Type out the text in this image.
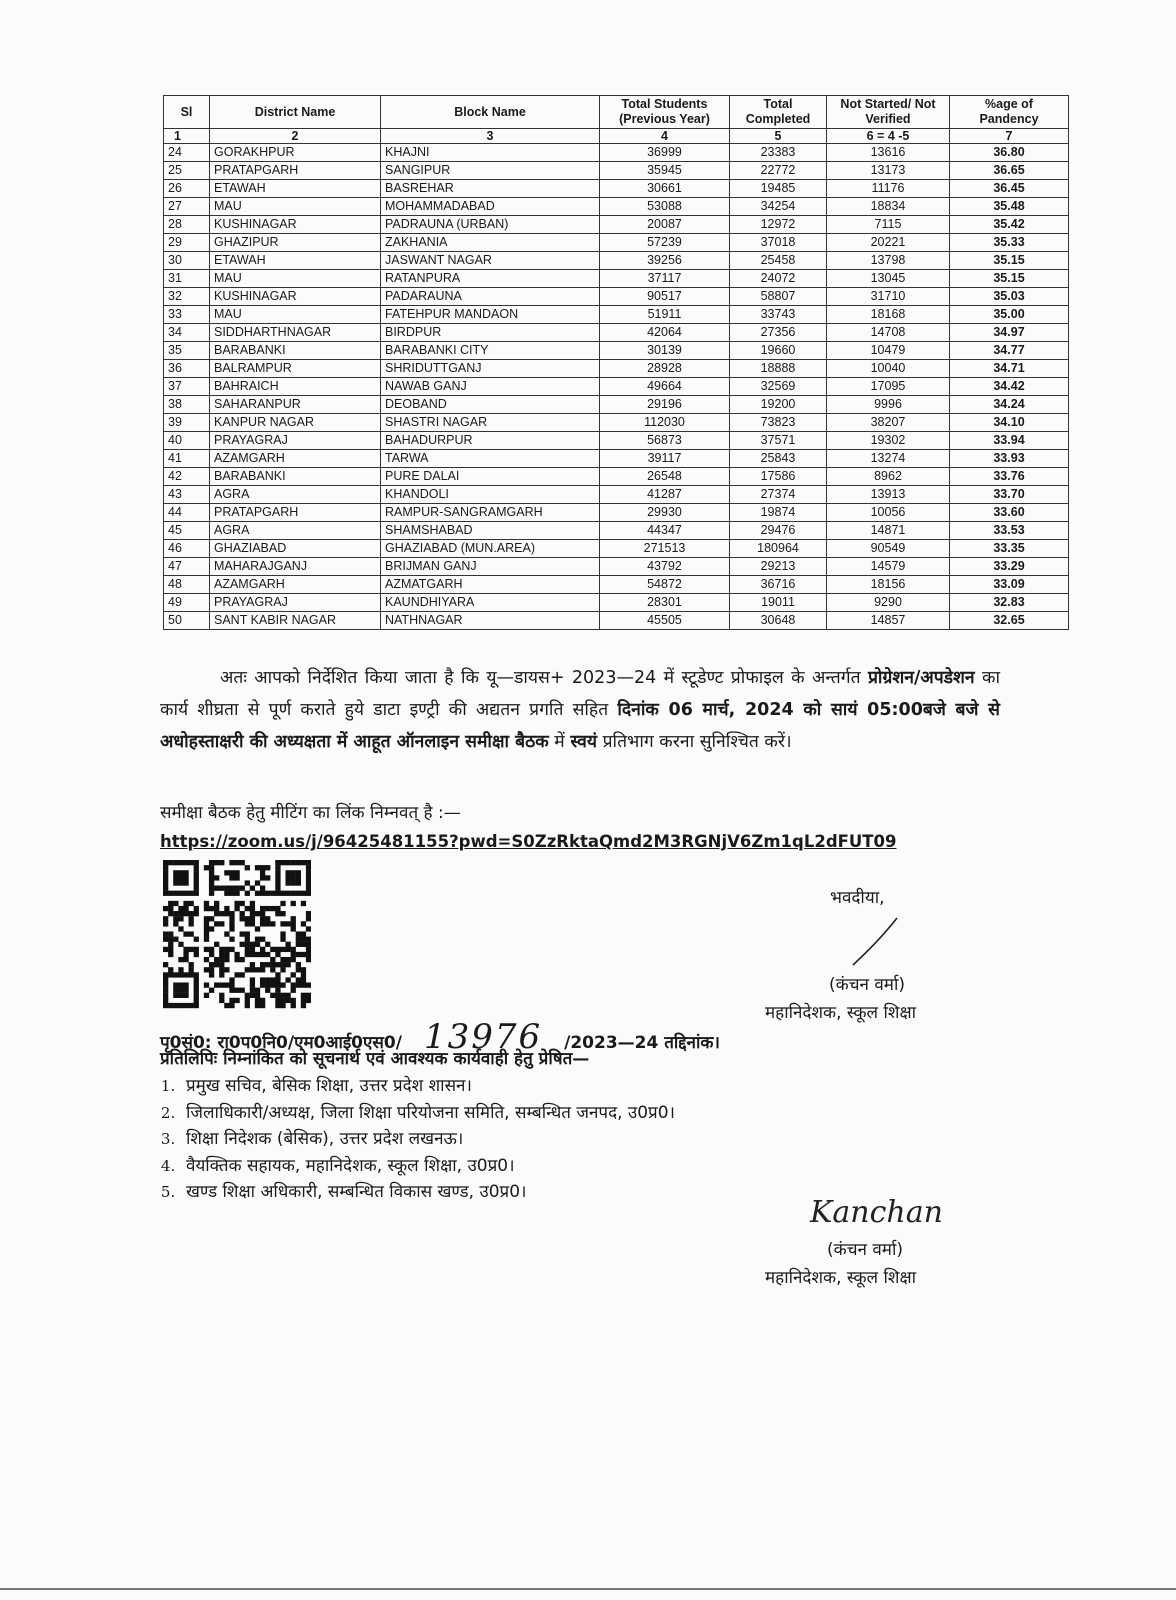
Sl	District Name	Block Name	Total Students (Previous Year)	Total Completed	Not Started/ Not Verified	%age of Pandency
1	2	3	4	5	6 = 4 -5	7
24	GORAKHPUR	KHAJNI	36999	23383	13616	36.80
25	PRATAPGARH	SANGIPUR	35945	22772	13173	36.65
26	ETAWAH	BASREHAR	30661	19485	11176	36.45
27	MAU	MOHAMMADABAD	53088	34254	18834	35.48
28	KUSHINAGAR	PADRAUNA (URBAN)	20087	12972	7115	35.42
29	GHAZIPUR	ZAKHANIA	57239	37018	20221	35.33
30	ETAWAH	JASWANT NAGAR	39256	25458	13798	35.15
31	MAU	RATANPURA	37117	24072	13045	35.15
32	KUSHINAGAR	PADARAUNA	90517	58807	31710	35.03
33	MAU	FATEHPUR MANDAON	51911	33743	18168	35.00
34	SIDDHARTHNAGAR	BIRDPUR	42064	27356	14708	34.97
35	BARABANKI	BARABANKI CITY	30139	19660	10479	34.77
36	BALRAMPUR	SHRIDUTTGANJ	28928	18888	10040	34.71
37	BAHRAICH	NAWAB GANJ	49664	32569	17095	34.42
38	SAHARANPUR	DEOBAND	29196	19200	9996	34.24
39	KANPUR NAGAR	SHASTRI NAGAR	112030	73823	38207	34.10
40	PRAYAGRAJ	BAHADURPUR	56873	37571	19302	33.94
41	AZAMGARH	TARWA	39117	25843	13274	33.93
42	BARABANKI	PURE DALAI	26548	17586	8962	33.76
43	AGRA	KHANDOLI	41287	27374	13913	33.70
44	PRATAPGARH	RAMPUR-SANGRAMGARH	29930	19874	10056	33.60
45	AGRA	SHAMSHABAD	44347	29476	14871	33.53
46	GHAZIABAD	GHAZIABAD (MUN.AREA)	271513	180964	90549	33.35
47	MAHARAJGANJ	BRIJMAN GANJ	43792	29213	14579	33.29
48	AZAMGARH	AZMATGARH	54872	36716	18156	33.09
49	PRAYAGRAJ	KAUNDHIYARA	28301	19011	9290	32.83
50	SANT KABIR NAGAR	NATHNAGAR	45505	30648	14857	32.65
अतः आपको निर्देशित किया जाता है कि यू—डायस+ 2023—24 में स्टूडेण्ट प्रोफाइल के अन्तर्गत प्रोग्रेशन/अपडेशन का कार्य शीघ्रता से पूर्ण कराते हुये डाटा इण्ट्री की अद्यतन प्रगति सहित दिनांक 06 मार्च, 2024 को सायं 05:00बजे बजे से अधोहस्ताक्षरी की अध्यक्षता में आहूत ऑनलाइन समीक्षा बैठक में स्वयं प्रतिभाग करना सुनिश्चित करें।
समीक्षा बैठक हेतु मीटिंग का लिंक निम्नवत् है :—
https://zoom.us/j/96425481155?pwd=S0ZzRktaQmd2M3RGNjV6Zm1qL2dFUT09
भवदीया,
(कंचन वर्मा)
महानिदेशक, स्कूल शिक्षा
पृ0सं0: रा0प0नि0/एम0आई0एस0/ 13976 /2023—24 तद्दिनांक।
प्रतिलिपिः निम्नांकित को सूचनार्थ एवं आवश्यक कार्यवाही हेतु प्रेषित—
1. प्रमुख सचिव, बेसिक शिक्षा, उत्तर प्रदेश शासन।
2. जिलाधिकारी/अध्यक्ष, जिला शिक्षा परियोजना समिति, सम्बन्धित जनपद, उ0प्र0।
3. शिक्षा निदेशक (बेसिक), उत्तर प्रदेश लखनऊ।
4. वैयक्तिक सहायक, महानिदेशक, स्कूल शिक्षा, उ0प्र0।
5. खण्ड शिक्षा अधिकारी, सम्बन्धित विकास खण्ड, उ0प्र0।
Kanchan
(कंचन वर्मा)
महानिदेशक, स्कूल शिक्षा
